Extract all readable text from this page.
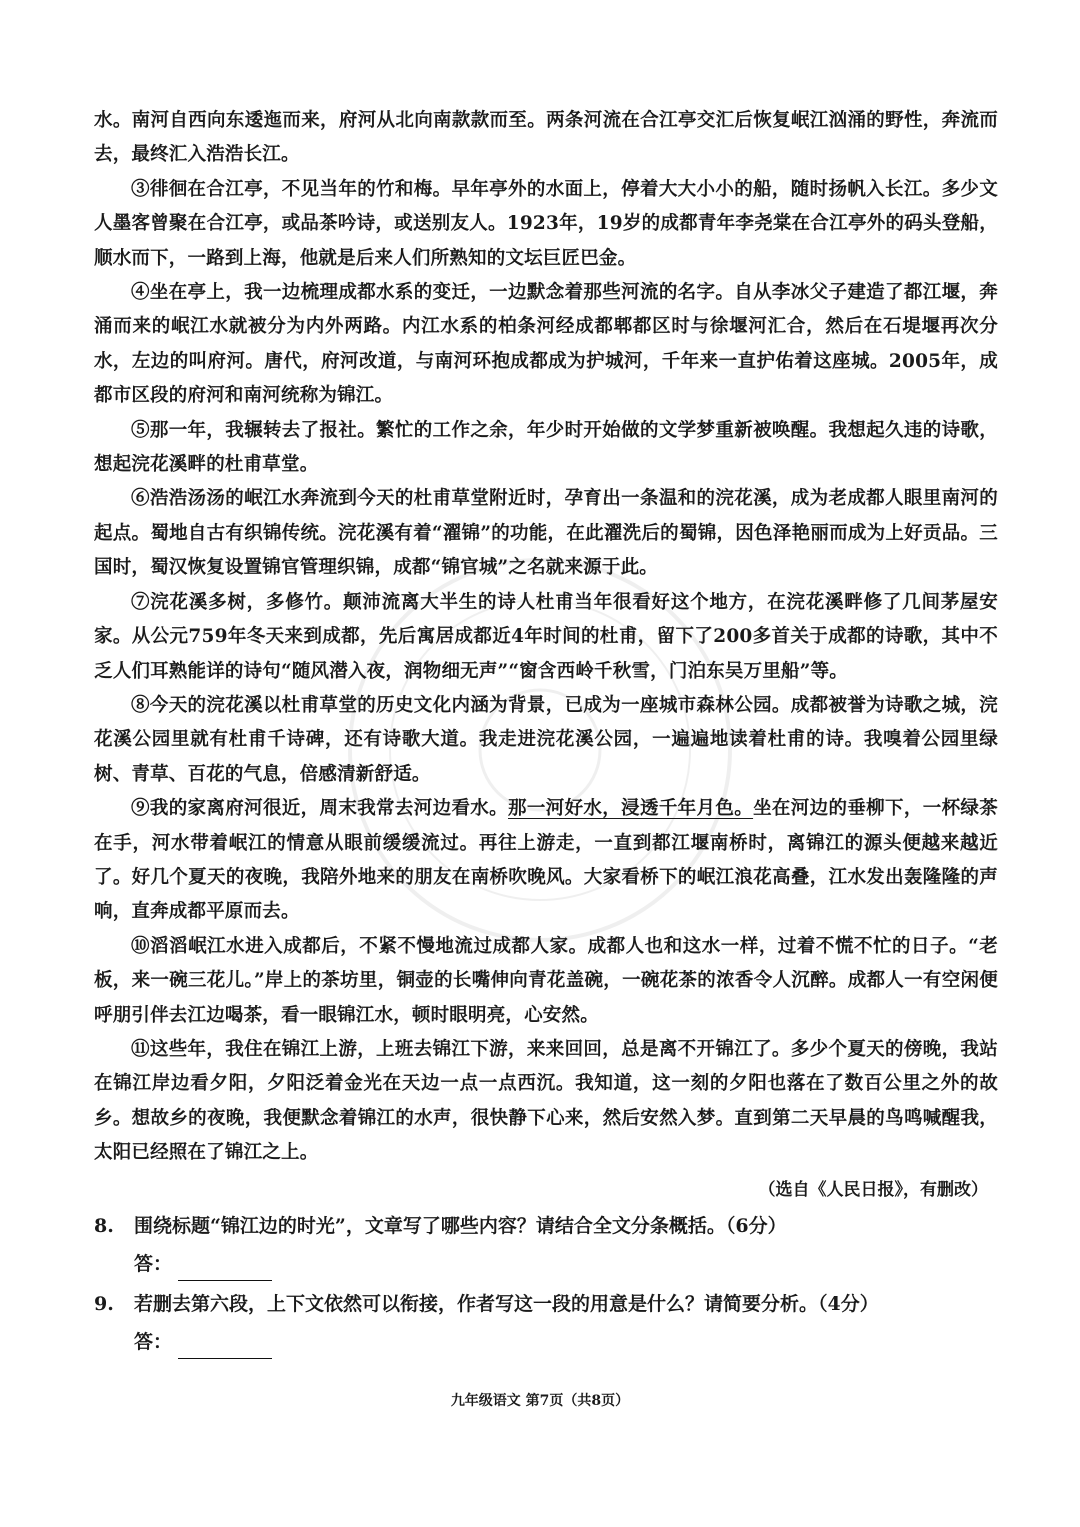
水。南河自西向东逶迤而来，府河从北向南款款而至。两条河流在合江亭交汇后恢复岷江汹涌的野性，奔流而去，最终汇入浩浩长江。

③徘徊在合江亭，不见当年的竹和梅。早年亭外的水面上，停着大大小小的船，随时扬帆入长江。多少文人墨客曾聚在合江亭，或品茶吟诗，或送别友人。1923年，19岁的成都青年李尧棠在合江亭外的码头登船，顺水而下，一路到上海，他就是后来人们所熟知的文坛巨匠巴金。

④坐在亭上，我一边梳理成都水系的变迁，一边默念着那些河流的名字。自从李冰父子建造了都江堰，奔涌而来的岷江水就被分为内外两路。内江水系的柏条河经成都郫都区时与徐堰河汇合，然后在石堤堰再次分水，左边的叫府河。唐代，府河改道，与南河环抱成都成为护城河，千年来一直护佑着这座城。2005年，成都市区段的府河和南河统称为锦江。

⑤那一年，我辗转去了报社。繁忙的工作之余，年少时开始做的文学梦重新被唤醒。我想起久违的诗歌，想起浣花溪畔的杜甫草堂。

⑥浩浩汤汤的岷江水奔流到今天的杜甫草堂附近时，孕育出一条温和的浣花溪，成为老成都人眼里南河的起点。蜀地自古有织锦传统。浣花溪有着“濯锦”的功能，在此濯洗后的蜀锦，因色泽艳丽而成为上好贡品。三国时，蜀汉恢复设置锦官管理织锦，成都“锦官城”之名就来源于此。

⑦浣花溪多树，多修竹。颠沛流离大半生的诗人杜甫当年很看好这个地方，在浣花溪畔修了几间茅屋安家。从公元759年冬天来到成都，先后寓居成都近4年时间的杜甫，留下了200多首关于成都的诗歌，其中不乏人们耳熟能详的诗句“随风潜入夜，润物细无声”“窗含西岭千秋雪，门泊东吴万里船”等。

⑧今天的浣花溪以杜甫草堂的历史文化内涵为背景，已成为一座城市森林公园。成都被誉为诗歌之城，浣花溪公园里就有杜甫千诗碑，还有诗歌大道。我走进浣花溪公园，一遍遍地读着杜甫的诗。我嗅着公园里绿树、青草、百花的气息，倍感清新舒适。

⑨我的家离府河很近，周末我常去河边看水。那一河好水，浸透千年月色。坐在河边的垂柳下，一杯绿茶在手，河水带着岷江的情意从眼前缓缓流过。再往上游走，一直到都江堰南桥时，离锦江的源头便越来越近了。好几个夏天的夜晚，我陪外地来的朋友在南桥吹晚风。大家看桥下的岷江浪花高叠，江水发出轰隆隆的声响，直奔成都平原而去。

⑩滔滔岷江水进入成都后，不紧不慢地流过成都人家。成都人也和这水一样，过着不慌不忙的日子。“老板，来一碗三花儿。”岸上的茶坊里，铜壶的长嘴伸向青花盖碗，一碗花茶的浓香令人沉醉。成都人一有空闲便呼朋引伴去江边喝茶，看一眼锦江水，顿时眼明亮，心安然。

⑪这些年，我住在锦江上游，上班去锦江下游，来来回回，总是离不开锦江了。多少个夏天的傍晚，我站在锦江岸边看夕阳，夕阳泛着金光在天边一点一点西沉。我知道，这一刻的夕阳也落在了数百公里之外的故乡。想故乡的夜晚，我便默念着锦江的水声，很快静下心来，然后安然入梦。直到第二天早晨的鸟鸣喊醒我，太阳已经照在了锦江之上。

（选自《人民日报》，有删改）
8.	围绕标题“锦江边的时光”，文章写了哪些内容？请结合全文分条概括。（6分）
答：
9.	若删去第六段，上下文依然可以衔接，作者写这一段的用意是什么？请简要分析。（4分）
答：
九年级语文 第7页（共8页）
